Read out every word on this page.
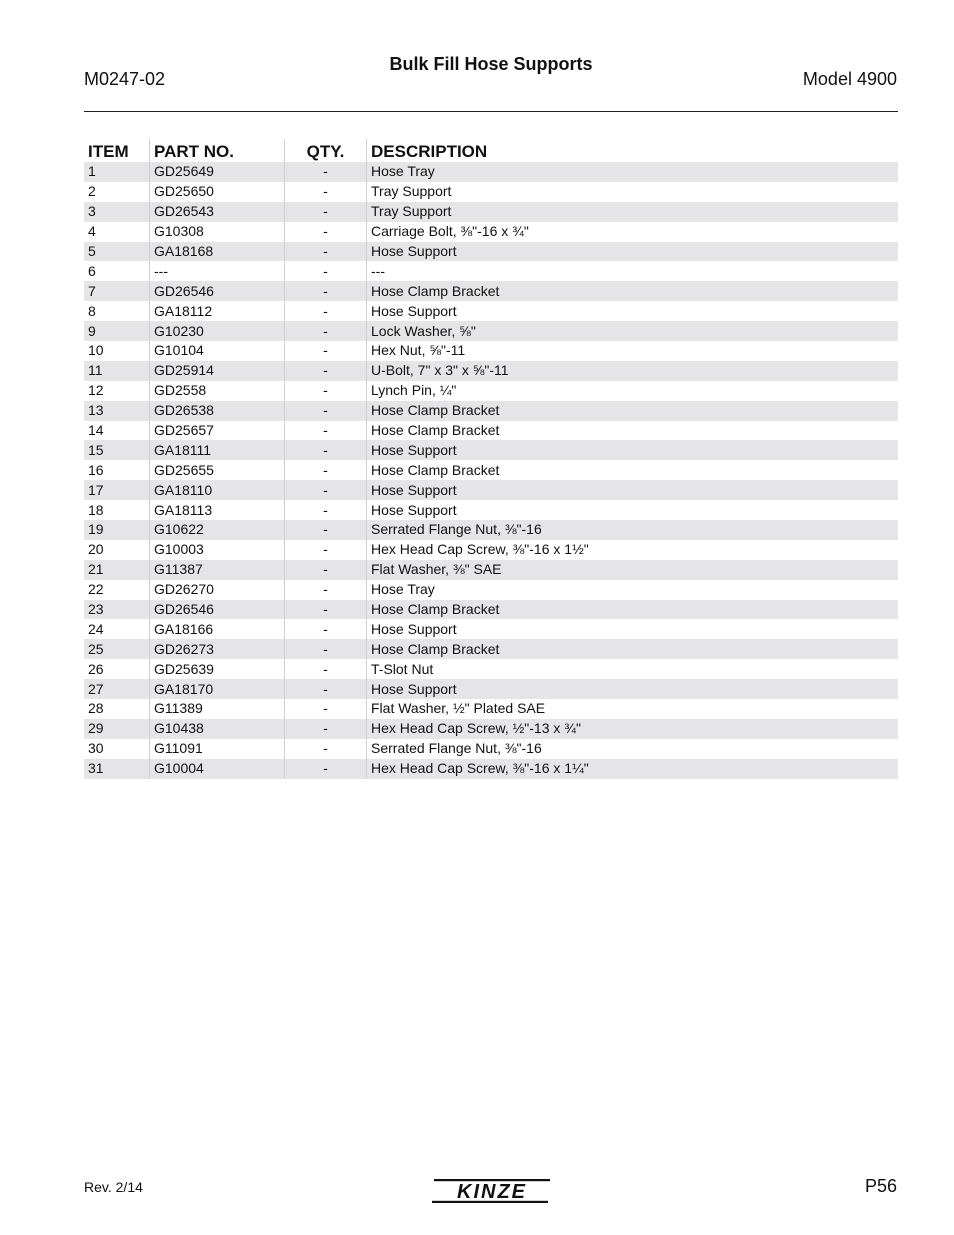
M0247-02
Bulk Fill Hose Supports
Model 4900
ITEM	PART NO.	QTY.	DESCRIPTION
1	GD25649	-	Hose Tray
2	GD25650	-	Tray Support
3	GD26543	-	Tray Support
4	G10308	-	Carriage Bolt, ⅜"-16 x ¾"
5	GA18168	-	Hose Support
6	---	-	---
7	GD26546	-	Hose Clamp Bracket
8	GA18112	-	Hose Support
9	G10230	-	Lock Washer, ⅝"
10	G10104	-	Hex Nut, ⅝"-11
11	GD25914	-	U-Bolt, 7" x 3" x ⅝"-11
12	GD2558	-	Lynch Pin, ¼"
13	GD26538	-	Hose Clamp Bracket
14	GD25657	-	Hose Clamp Bracket
15	GA18111	-	Hose Support
16	GD25655	-	Hose Clamp Bracket
17	GA18110	-	Hose Support
18	GA18113	-	Hose Support
19	G10622	-	Serrated Flange Nut, ⅜"-16
20	G10003	-	Hex Head Cap Screw, ⅜"-16 x 1½"
21	G11387	-	Flat Washer, ⅜" SAE
22	GD26270	-	Hose Tray
23	GD26546	-	Hose Clamp Bracket
24	GA18166	-	Hose Support
25	GD26273	-	Hose Clamp Bracket
26	GD25639	-	T-Slot Nut
27	GA18170	-	Hose Support
28	G11389	-	Flat Washer, ½" Plated SAE
29	G10438	-	Hex Head Cap Screw, ½"-13 x ¾"
30	G11091	-	Serrated Flange Nut, ⅜"-16
31	G10004	-	Hex Head Cap Screw, ⅜"-16 x 1¼"
Rev. 2/14	KINZE	P56
